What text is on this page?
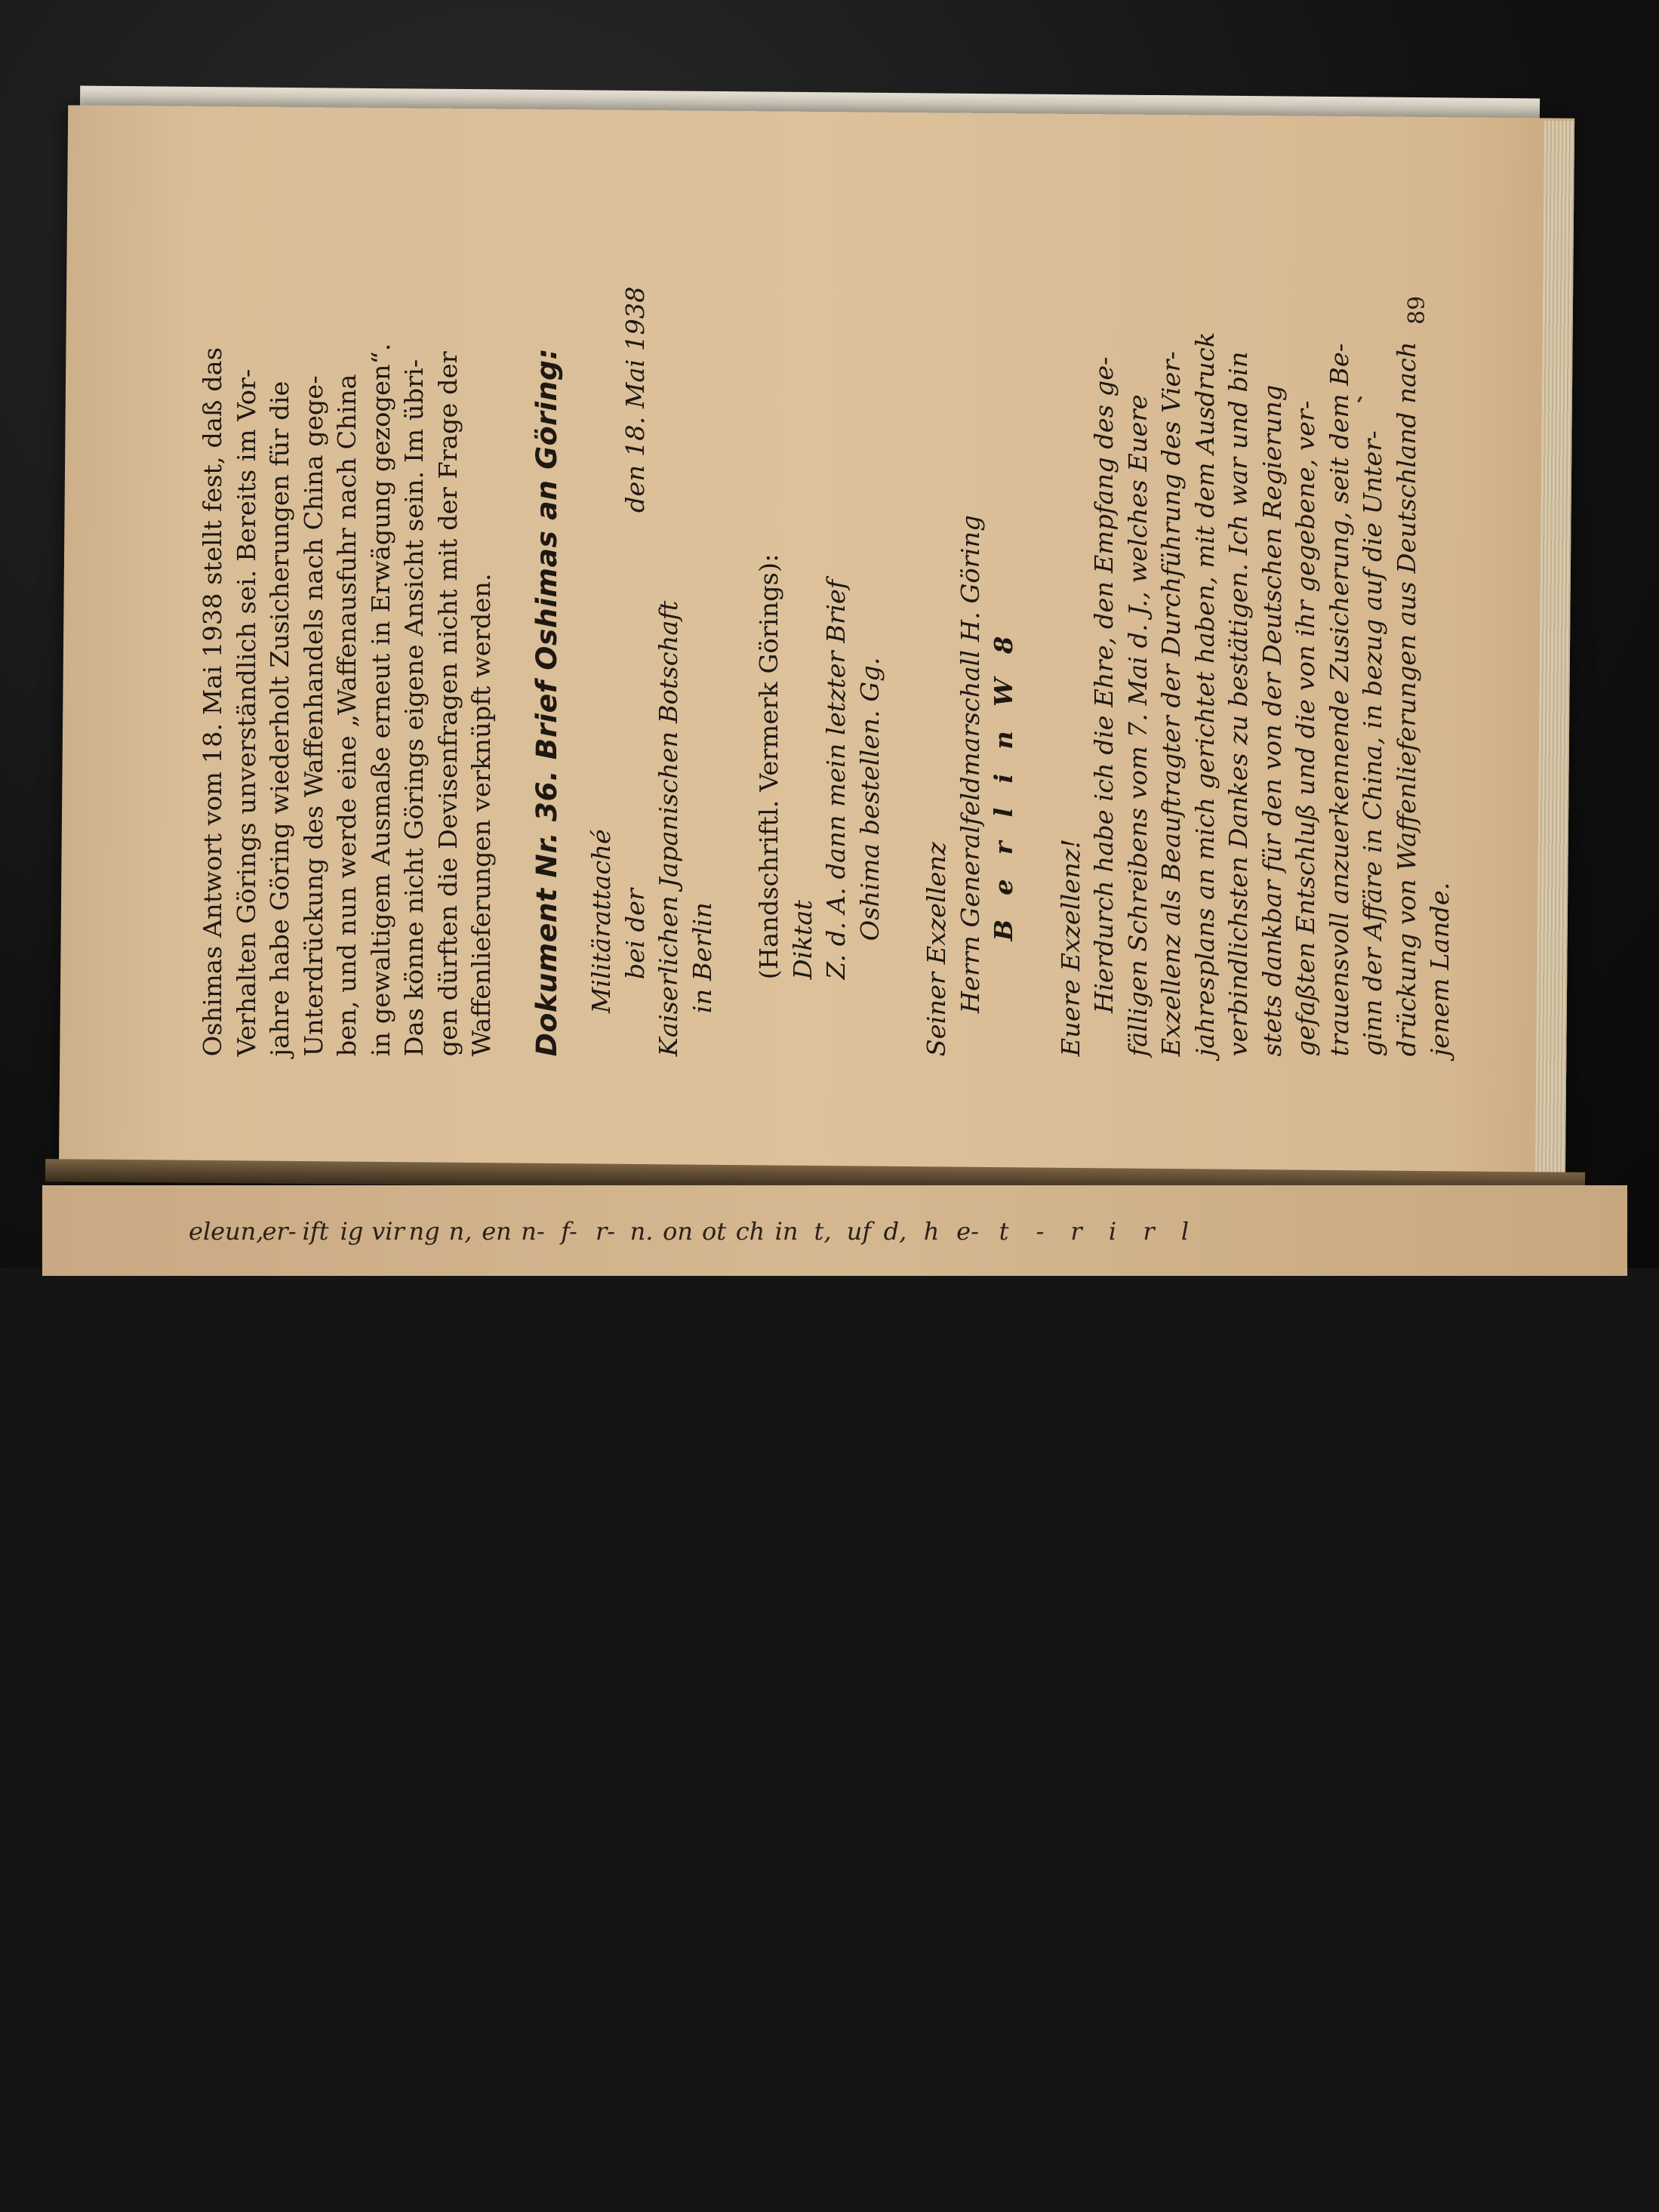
eleun,er- ift ig vir ng n, en n- f- r- n. on ot ch in t, uf d, h e- t - r i r l
Oshimas Antwort vom 18. Mai 1938 stellt fest, daß das Verhalten Görings unverständlich sei. Bereits im Vor- jahre habe Göring wiederholt Zusicherungen für die Unterdrückung des Waffenhandels nach China gege- ben, und nun werde eine „Waffenausfuhr nach China in gewaltigem Ausmaße erneut in Erwägung gezogen“. Das könne nicht Görings eigene Ansicht sein. Im übri- gen dürften die Devisenfragen nicht mit der Frage der Waffenlieferungen verknüpft werden. Dokument Nr. 36. Brief Oshimas an Göring: Militärattaché bei der
den 18. Mai 1938
Kaiserlichen Japanischen Botschaft in Berlin (Handschriftl. Vermerk Görings): Diktat Z. d. A. dann mein letzter Brief Oshima bestellen. Gg.
Seiner Exzellenz Herrn Generalfeldmarschall H. Göring B e r l i n W 8
Euere Exzellenz! Hierdurch habe ich die Ehre, den Empfang des ge- fälligen Schreibens vom 7. Mai d. J., welches Euere Exzellenz als Beauftragter der Durchführung des Vier- jahresplans an mich gerichtet haben, mit dem Ausdruck verbindlichsten Dankes zu bestätigen. Ich war und bin stets dankbar für den von der Deutschen Regierung gefaßten Entschluß und die von ihr gegebene, ver- trauensvoll anzuerkennende Zusicherung, seit dem Be- ginn der Affäre in China, in bezug auf die Unter- drückung von Waffenlieferungen aus Deutschland nach jenem Lande.
89
